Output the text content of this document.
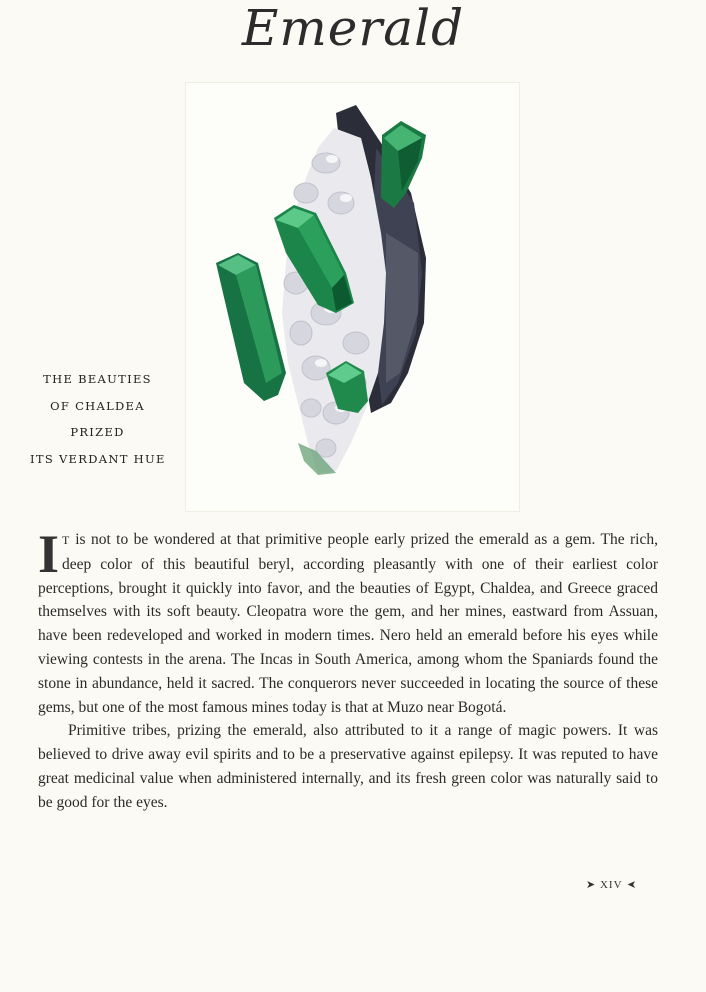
Emerald
THE BEAUTIES
OF CHALDEA
PRIZED
ITS VERDANT HUE

I T is not to be wondered at that primitive people early prized the emerald as a gem. The rich, deep color of this beautiful beryl, according pleasantly with one of their earliest color perceptions, brought it quickly into favor, and the beauties of Egypt, Chaldea, and Greece graced themselves with its soft beauty. Cleopatra wore the gem, and her mines, eastward from Assuan, have been redeveloped and worked in modern times. Nero held an emerald before his eyes while viewing contests in the arena. The Incas in South America, among whom the Spaniards found the stone in abundance, held it sacred. The conquerors never succeeded in locating the source of these gems, but one of the most famous mines today is that at Muzo near Bogotá.

Primitive tribes, prizing the emerald, also attributed to it a range of magic powers. It was believed to drive away evil spirits and to be a preservative against epilepsy. It was reputed to have great medicinal value when administered internally, and its fresh green color was naturally said to be good for the eyes.

➤ XIV ➤
